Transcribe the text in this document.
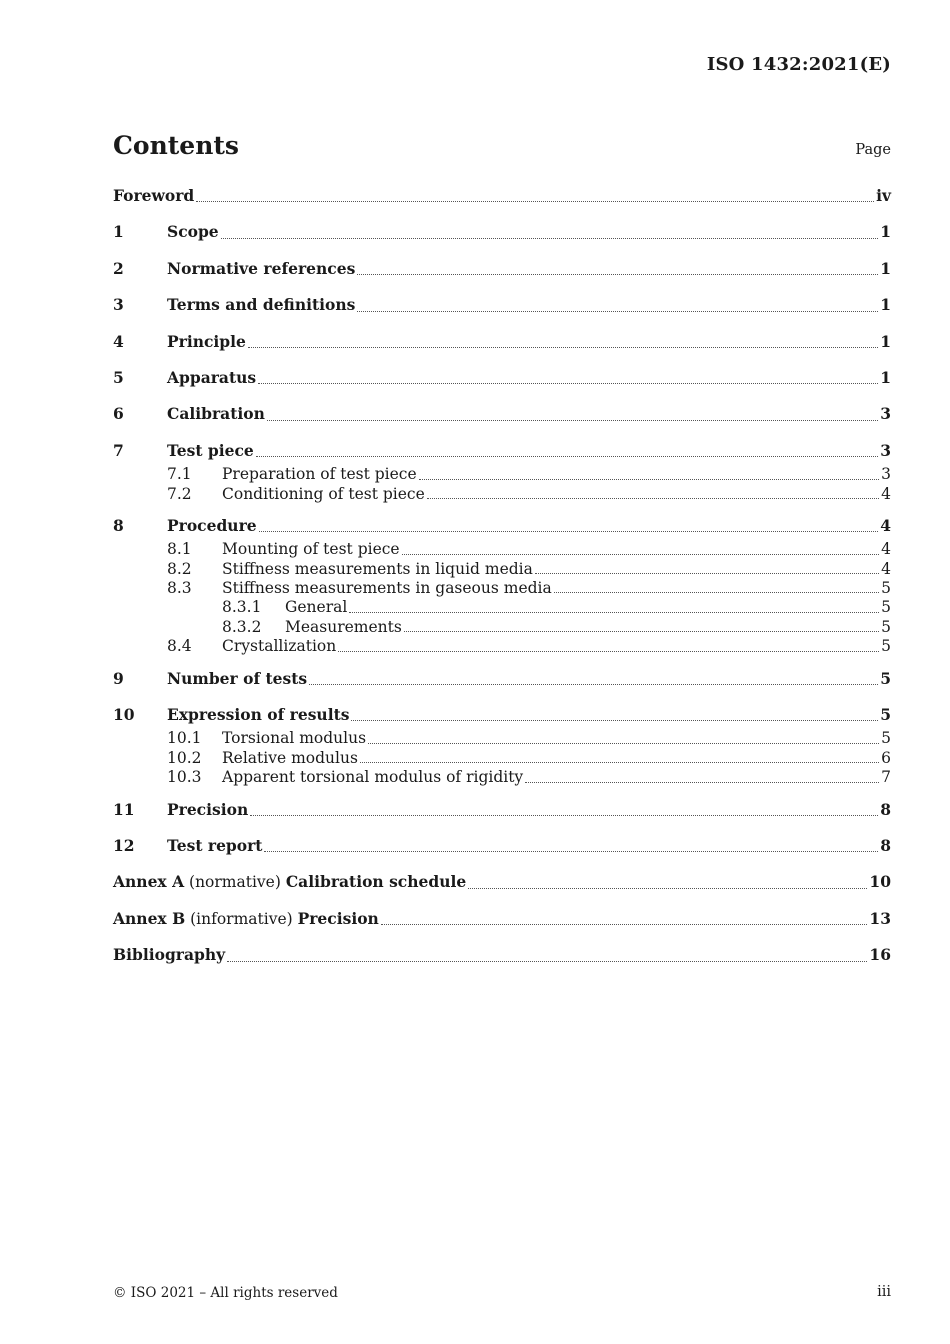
ISO 1432:2021(E)
Contents	Page
Foreword	iv
1	Scope	1
2	Normative references	1
3	Terms and definitions	1
4	Principle	1
5	Apparatus	1
6	Calibration	3
7	Test piece	3
7.1	Preparation of test piece	3
7.2	Conditioning of test piece	4
8	Procedure	4
8.1	Mounting of test piece	4
8.2	Stiffness measurements in liquid media	4
8.3	Stiffness measurements in gaseous media	5
8.3.1	General	5
8.3.2	Measurements	5
8.4	Crystallization	5
9	Number of tests	5
10	Expression of results	5
10.1	Torsional modulus	5
10.2	Relative modulus	6
10.3	Apparent torsional modulus of rigidity	7
11	Precision	8
12	Test report	8
Annex A (normative) Calibration schedule	10
Annex B (informative) Precision	13
Bibliography	16
© ISO 2021 – All rights reserved	iii
